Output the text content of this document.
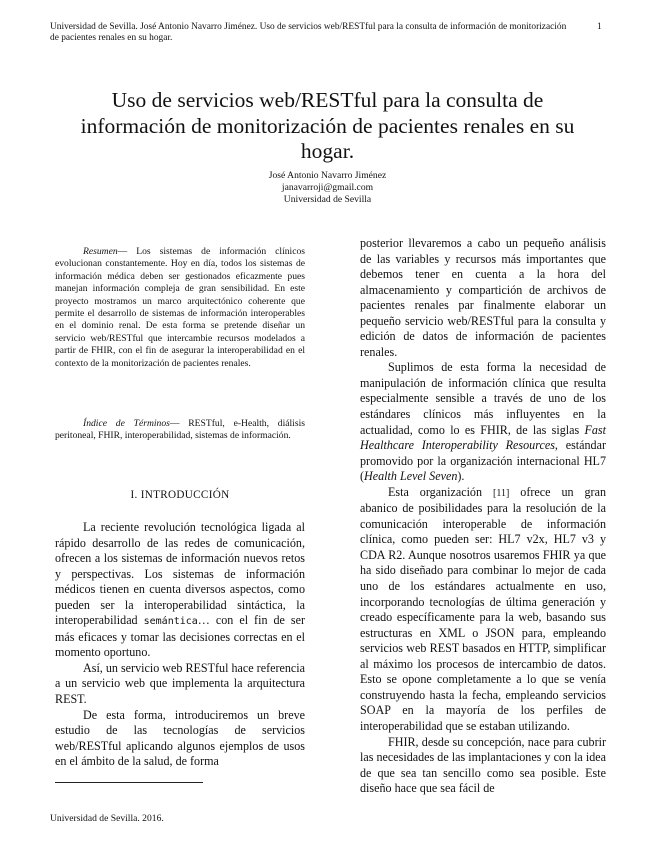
Universidad de Sevilla. José Antonio Navarro Jiménez. Uso de servicios web/RESTful para la consulta de información de monitorización de pacientes renales en su hogar.
1
Uso de servicios web/RESTful para la consulta de información de monitorización de pacientes renales en su hogar.
José Antonio Navarro Jiménez
janavarroji@gmail.com
Universidad de Sevilla

Resumen— Los sistemas de información clínicos evolucionan constantemente. Hoy en día, todos los sistemas de información médica deben ser gestionados eficazmente pues manejan información compleja de gran sensibilidad. En este proyecto mostramos un marco arquitectónico coherente que permite el desarrollo de sistemas de información interoperables en el dominio renal. De esta forma se pretende diseñar un servicio web/RESTful que intercambie recursos modelados a partir de FHIR, con el fin de asegurar la interoperabilidad en el contexto de la monitorización de pacientes renales.

Índice de Términos— RESTful, e-Health, diálisis peritoneal, FHIR, interoperabilidad, sistemas de información.

I. INTRODUCCIÓN

La reciente revolución tecnológica ligada al rápido desarrollo de las redes de comunicación, ofrecen a los sistemas de información nuevos retos y perspectivas. Los sistemas de información médicos tienen en cuenta diversos aspectos, como pueden ser la interoperabilidad sintáctica, la interoperabilidad semántica… con el fin de ser más eficaces y tomar las decisiones correctas en el momento oportuno.

Así, un servicio web RESTful hace referencia a un servicio web que implementa la arquitectura REST.

De esta forma, introduciremos un breve estudio de las tecnologías de servicios web/RESTful aplicando algunos ejemplos de usos en el ámbito de la salud, de forma

posterior llevaremos a cabo un pequeño análisis de las variables y recursos más importantes que debemos tener en cuenta a la hora del almacenamiento y compartición de archivos de pacientes renales par finalmente elaborar un pequeño servicio web/RESTful para la consulta y edición de datos de información de pacientes renales.

Suplimos de esta forma la necesidad de manipulación de información clínica que resulta especialmente sensible a través de uno de los estándares clínicos más influyentes en la actualidad, como lo es FHIR, de las siglas Fast Healthcare Interoperability Resources, estándar promovido por la organización internacional HL7 (Health Level Seven).

Esta organización [11] ofrece un gran abanico de posibilidades para la resolución de la comunicación interoperable de información clínica, como pueden ser: HL7 v2x, HL7 v3 y CDA R2. Aunque nosotros usaremos FHIR ya que ha sido diseñado para combinar lo mejor de cada uno de los estándares actualmente en uso, incorporando tecnologías de última generación y creado específicamente para la web, basando sus estructuras en XML o JSON para, empleando servicios web REST basados en HTTP, simplificar al máximo los procesos de intercambio de datos. Esto se opone completamente a lo que se venía construyendo hasta la fecha, empleando servicios SOAP en la mayoría de los perfiles de interoperabilidad que se estaban utilizando.

FHIR, desde su concepción, nace para cubrir las necesidades de las implantaciones y con la idea de que sea tan sencillo como sea posible. Este diseño hace que sea fácil de

Universidad de Sevilla. 2016.
